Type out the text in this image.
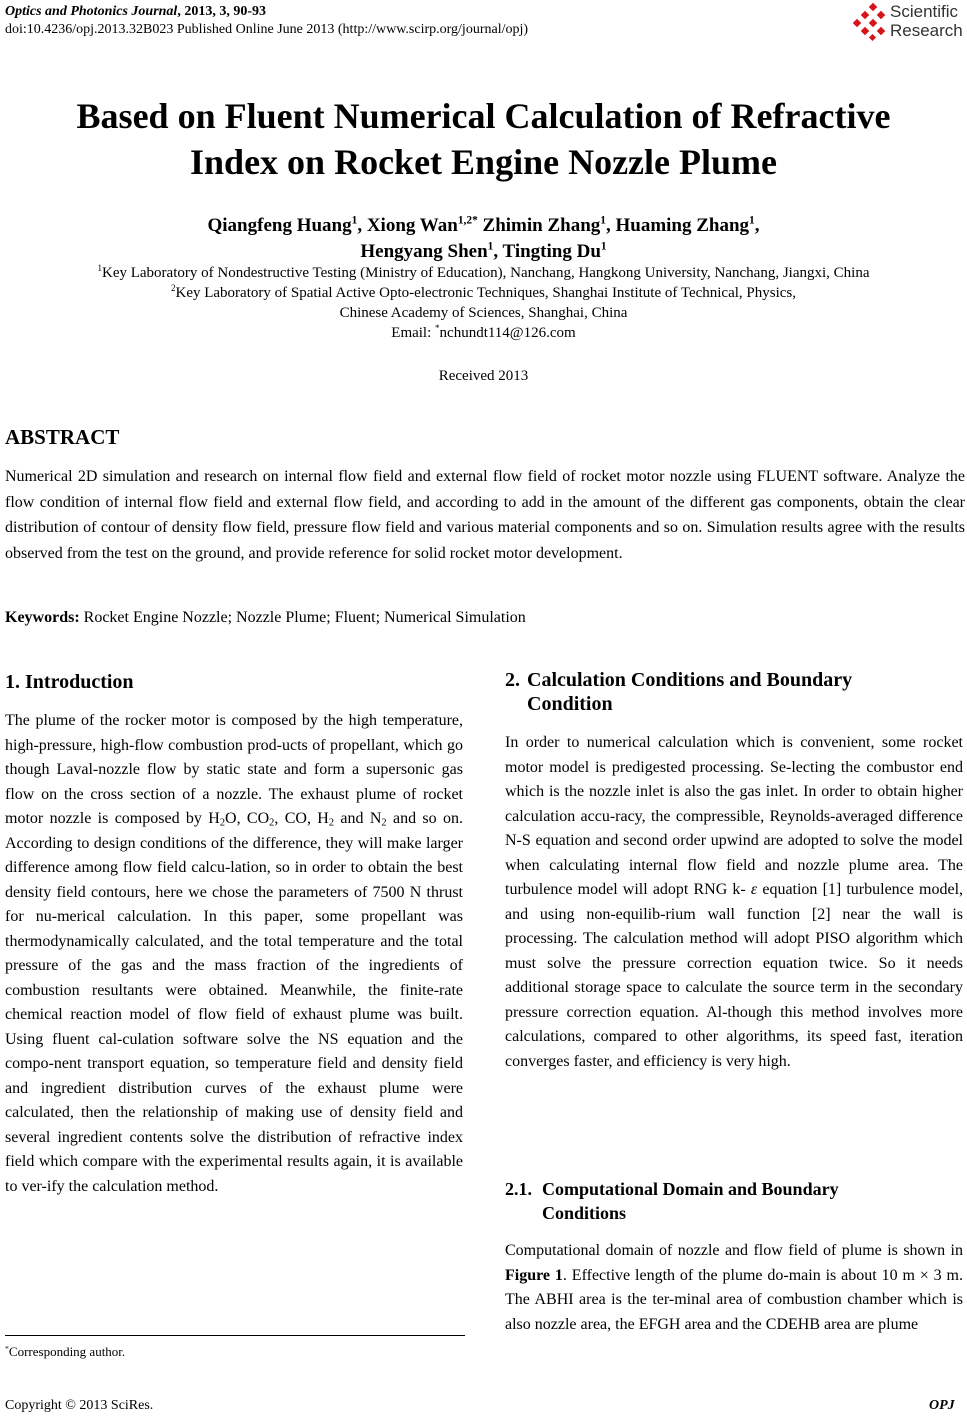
Optics and Photonics Journal, 2013, 3, 90-93
doi:10.4236/opj.2013.32B023 Published Online June 2013 (http://www.scirp.org/journal/opj)
Scientific
Research
Based on Fluent Numerical Calculation of Refractive
Index on Rocket Engine Nozzle Plume
Qiangfeng Huang$^1$, Xiong Wan$^{1,2*}$ Zhimin Zhang$^1$, Huaming Zhang$^1$,
Hengyang Shen$^1$, Tingting Du$^1$
$^1$Key Laboratory of Nondestructive Testing (Ministry of Education), Nanchang, Hangkong University, Nanchang, Jiangxi, China
$^2$Key Laboratory of Spatial Active Opto-electronic Techniques, Shanghai Institute of Technical, Physics,
Chinese Academy of Sciences, Shanghai, China
Email: *nchundt114@126.com
Received 2013
ABSTRACT
Numerical 2D simulation and research on internal flow field and external flow field of rocket motor nozzle using FLUENT software. Analyze the flow condition of internal flow field and external flow field, and according to add in the amount of the different gas components, obtain the clear distribution of contour of density flow field, pressure flow field and various material components and so on. Simulation results agree with the results observed from the test on the ground, and provide reference for solid rocket motor development.
Keywords: Rocket Engine Nozzle; Nozzle Plume; Fluent; Numerical Simulation
1. Introduction

The plume of the rocker motor is composed by the high temperature, high-pressure, high-flow combustion prod-ucts of propellant, which go though Laval-nozzle flow by static state and form a supersonic gas flow on the cross section of a nozzle. The exhaust plume of rocket motor nozzle is composed by $H_2O$, $CO_2$, CO, $H_2$ and $N_2$ and so on. According to design conditions of the difference, they will make larger difference among flow field calcu-lation, so in order to obtain the best density field contours, here we chose the parameters of 7500 N thrust for nu-merical calculation. In this paper, some propellant was thermodynamically calculated, and the total temperature and the total pressure of the gas and the mass fraction of the ingredients of combustion resultants were obtained. Meanwhile, the finite-rate chemical reaction model of flow field of exhaust plume was built. Using fluent cal-culation software solve the NS equation and the compo-nent transport equation, so temperature field and density field and ingredient distribution curves of the exhaust plume were calculated, then the relationship of making use of density field and several ingredient contents solve the distribution of refractive index field which compare with the experimental results again, it is available to ver-ify the calculation method.

*Corresponding author.
2. Calculation Conditions and Boundary
Condition

In order to numerical calculation which is convenient, some rocket motor model is predigested processing. Se-lecting the combustor end which is the nozzle inlet is also the gas inlet. In order to obtain higher calculation accu-racy, the compressible, Reynolds-averaged difference N-S equation and second order upwind are adopted to solve the model when calculating internal flow field and nozzle plume area. The turbulence model will adopt RNG k- ε equation [1] turbulence model, and using non-equilib-rium wall function [2] near the wall is processing. The calculation method will adopt PISO algorithm which must solve the pressure correction equation twice. So it needs additional storage space to calculate the source term in the secondary pressure correction equation. Al-though this method involves more calculations, compared to other algorithms, its speed fast, iteration converges faster, and efficiency is very high.

2.1. Computational Domain and Boundary
Conditions

Computational domain of nozzle and flow field of plume is shown in Figure 1. Effective length of the plume do-main is about 10 m × 3 m. The ABHI area is the ter-minal area of combustion chamber which is also nozzle area, the EFGH area and the CDEHB area are plume

Copyright © 2013 SciRes.	OPJ
